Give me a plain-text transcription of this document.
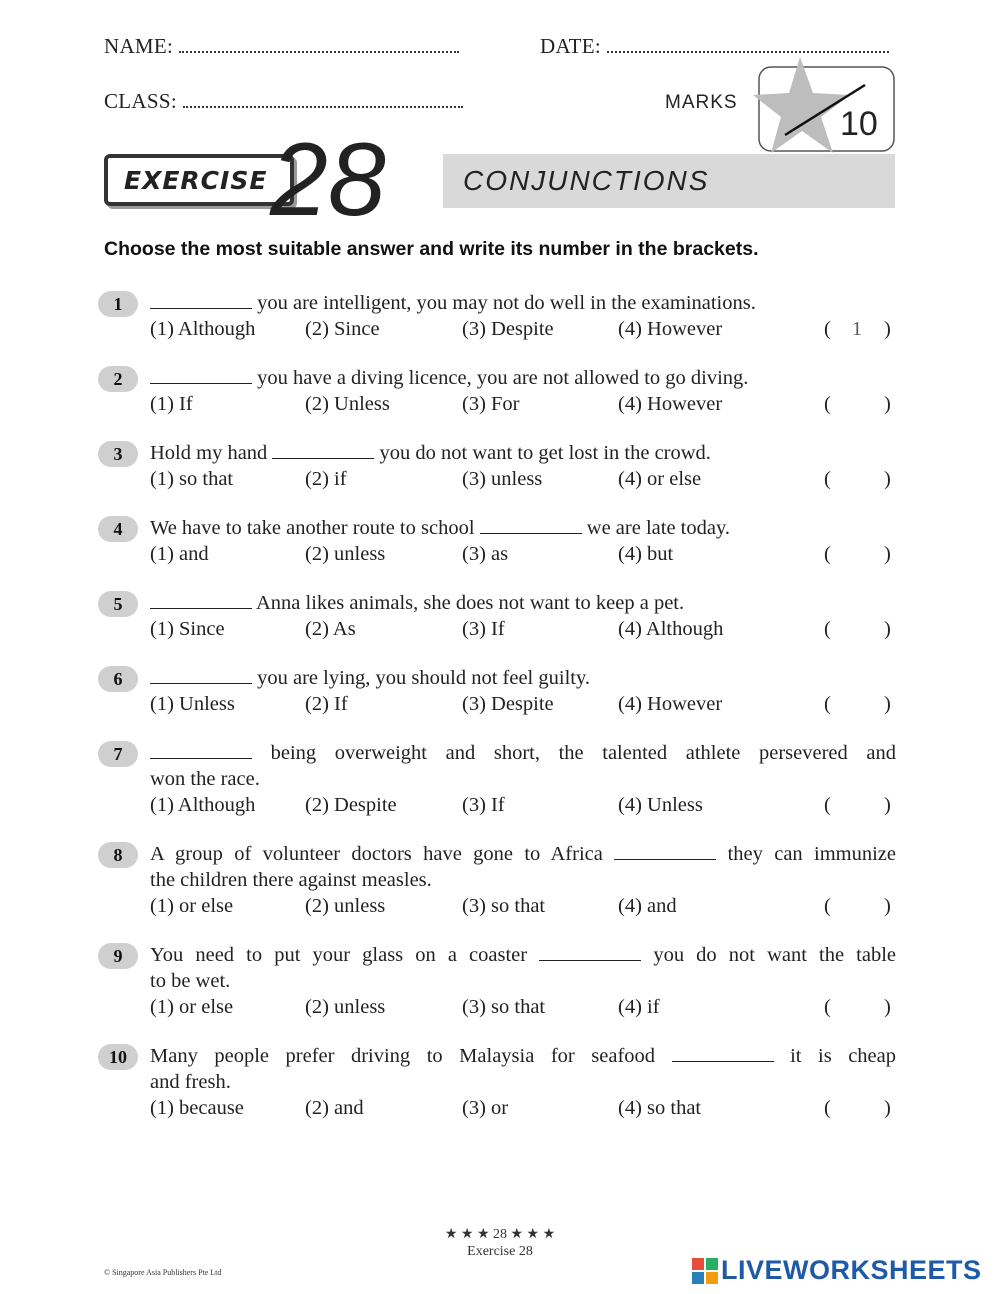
NAME:	DATE:
CLASS:	MARKS
10
EXERCISE 28	CONJUNCTIONS
Choose the most suitable answer and write its number in the brackets.
1	you are intelligent, you may not do well in the examinations.
(1) Although (2) Since	(3) Despite	(4) However	(	1	)
2	you have a diving licence, you are not allowed to go diving.
(1) If	(2) Unless	(3) For	(4) However	(	)
3	Hold my hand	you do not want to get lost in the crowd.
(1) so that	(2) if	(3) unless	(4) or else	(	)
4	We have to take another route to school	we are late today.
(1) and	(2) unless	(3) as	(4) but	(	)
5	Anna likes animals, she does not want to keep a pet.
(1) Since	(2) As	(3) If	(4) Although	(	)
6	you are lying, you should not feel guilty.
(1) Unless	(2) If	(3) Despite	(4) However	(	)
7	being overweight and short, the talented athlete persevered and
won the race.
(1) Although (2) Despite	(3) If	(4) Unless	(	)
8	A group of volunteer doctors have gone to Africa	they can immunize
the children there against measles.
(1) or else	(2) unless	(3) so that	(4) and	(	)
9	You need to put your glass on a coaster	you do not want the table
to be wet.
(1) or else	(2) unless	(3) so that	(4) if	(	)
10	Many people prefer driving to Malaysia for seafood	it is cheap
and fresh.
(1) because	(2) and	(3) or	(4) so that	(	)
★ ★ ★ 28 ★ ★ ★
Exercise 28
© Singapore Asia Publishers Pte Ltd	LIVEWORKSHEETS
